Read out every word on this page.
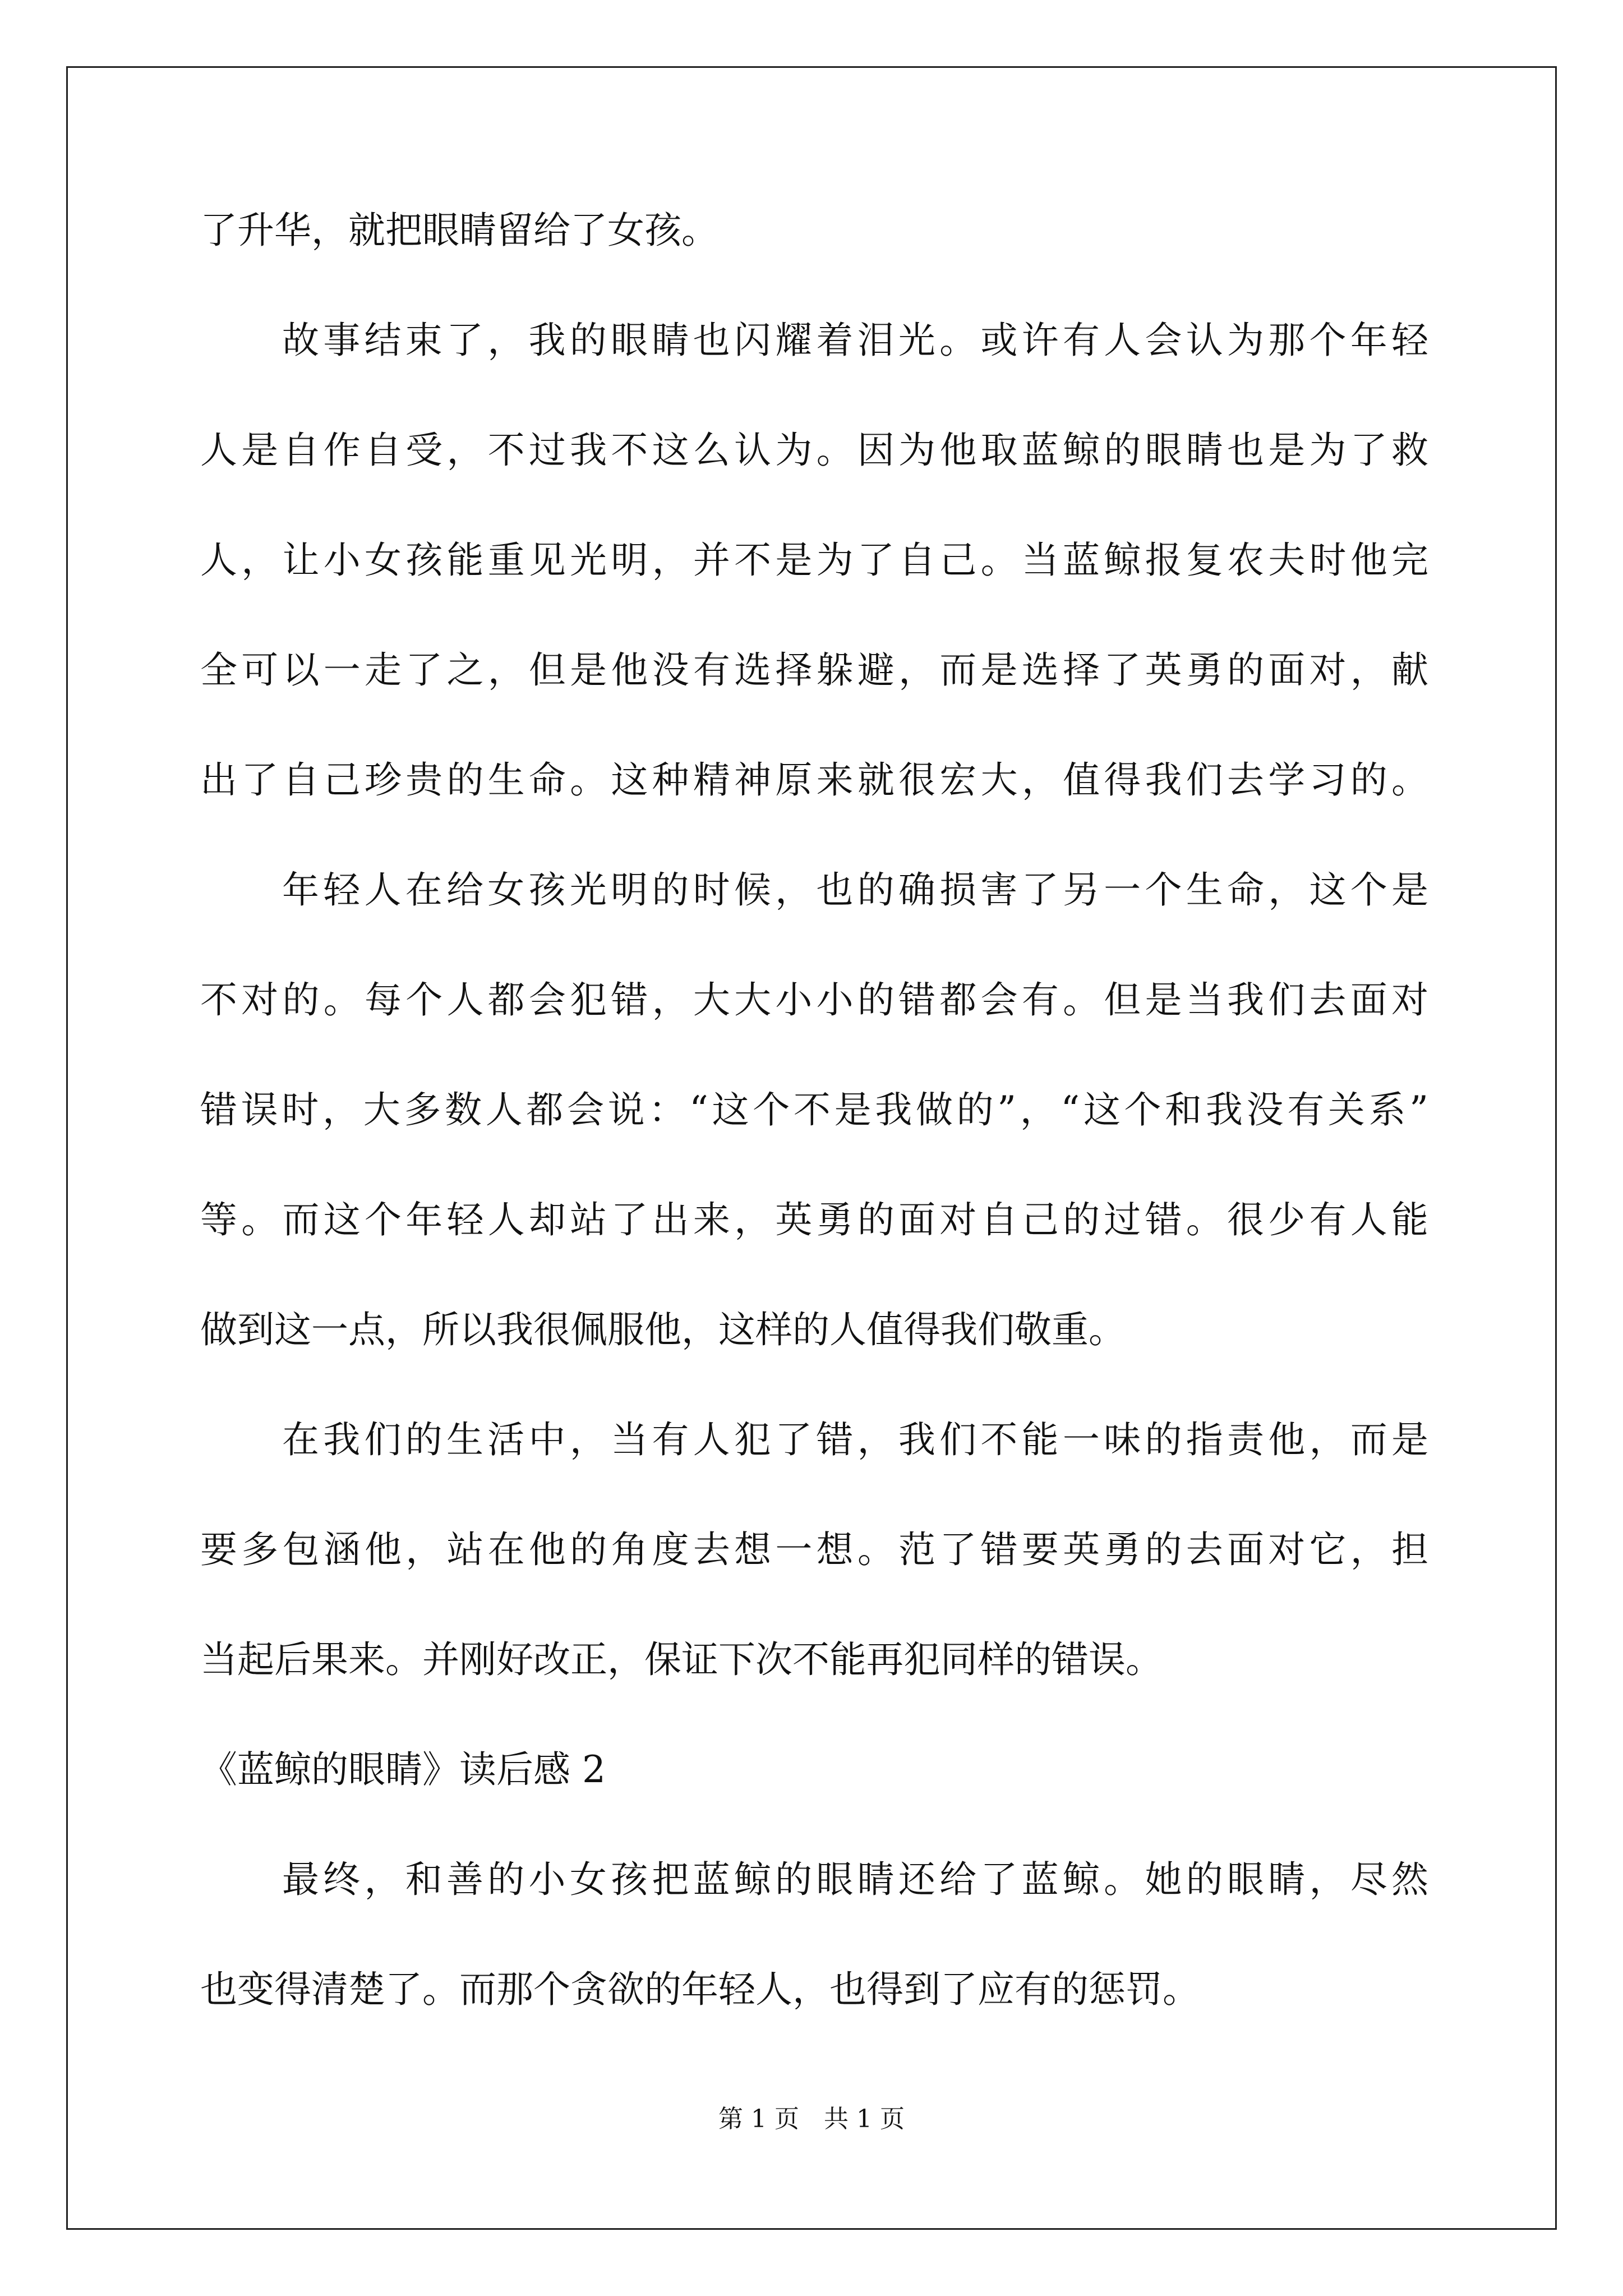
了升华，就把眼睛留给了女孩。
故事结束了，我的眼睛也闪耀着泪光。或许有人会认为那个年轻
人是自作自受，不过我不这么认为。因为他取蓝鲸的眼睛也是为了救
人，让小女孩能重见光明，并不是为了自己。当蓝鲸报复农夫时他完
全可以一走了之，但是他没有选择躲避，而是选择了英勇的面对，献
出了自己珍贵的生命。这种精神原来就很宏大，值得我们去学习的。
年轻人在给女孩光明的时候，也的确损害了另一个生命，这个是
不对的。每个人都会犯错，大大小小的错都会有。但是当我们去面对
错误时，大多数人都会说：“这个不是我做的”，“这个和我没有关系”
等。而这个年轻人却站了出来，英勇的面对自己的过错。很少有人能
做到这一点，所以我很佩服他，这样的人值得我们敬重。
在我们的生活中，当有人犯了错，我们不能一味的指责他，而是
要多包涵他，站在他的角度去想一想。范了错要英勇的去面对它，担
当起后果来。并刚好改正，保证下次不能再犯同样的错误。
《蓝鲸的眼睛》读后感 2
最终，和善的小女孩把蓝鲸的眼睛还给了蓝鲸。她的眼睛，尽然
也变得清楚了。而那个贪欲的年轻人，也得到了应有的惩罚。
第 1 页　共 1 页
